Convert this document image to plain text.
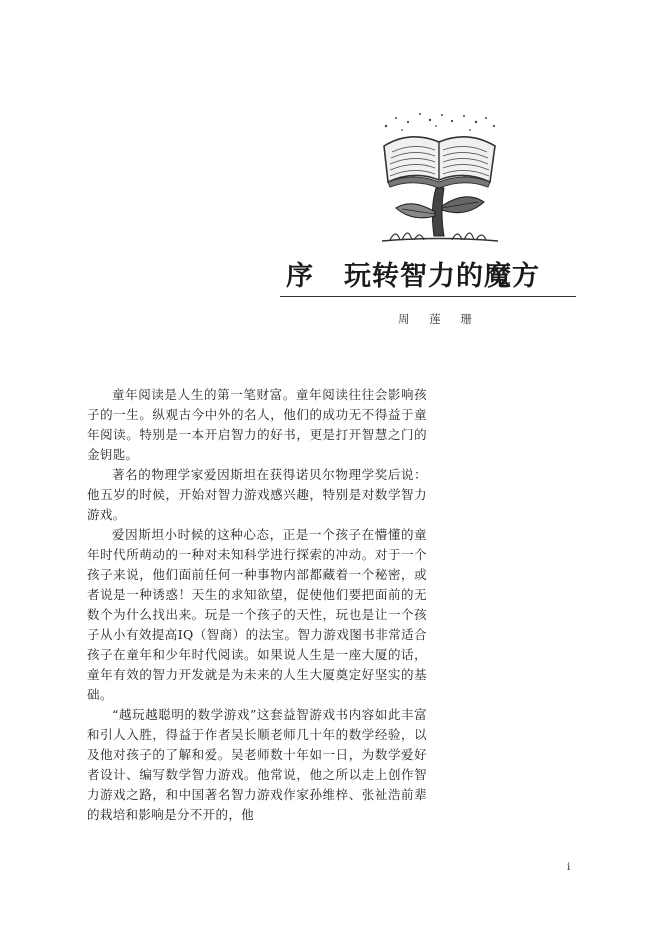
序 玩转智力的魔方
周 莲 珊

童年阅读是人生的第一笔财富。童年阅读往往会影响孩子的一生。纵观古今中外的名人，他们的成功无不得益于童年阅读。特别是一本开启智力的好书，更是打开智慧之门的金钥匙。

著名的物理学家爱因斯坦在获得诺贝尔物理学奖后说：他五岁的时候，开始对智力游戏感兴趣，特别是对数学智力游戏。

爱因斯坦小时候的这种心态，正是一个孩子在懵懂的童年时代所萌动的一种对未知科学进行探索的冲动。对于一个孩子来说，他们面前任何一种事物内部都藏着一个秘密，或者说是一种诱惑！天生的求知欲望，促使他们要把面前的无数个为什么找出来。玩是一个孩子的天性，玩也是让一个孩子从小有效提高IQ（智商）的法宝。智力游戏图书非常适合孩子在童年和少年时代阅读。如果说人生是一座大厦的话，童年有效的智力开发就是为未来的人生大厦奠定好坚实的基础。

“越玩越聪明的数学游戏”这套益智游戏书内容如此丰富和引人入胜，得益于作者吴长顺老师几十年的数学经验，以及他对孩子的了解和爱。吴老师数十年如一日，为数学爱好者设计、编写数学智力游戏。他常说，他之所以走上创作智力游戏之路，和中国著名智力游戏作家孙维梓、张祉浩前辈的栽培和影响是分不开的，他

i
